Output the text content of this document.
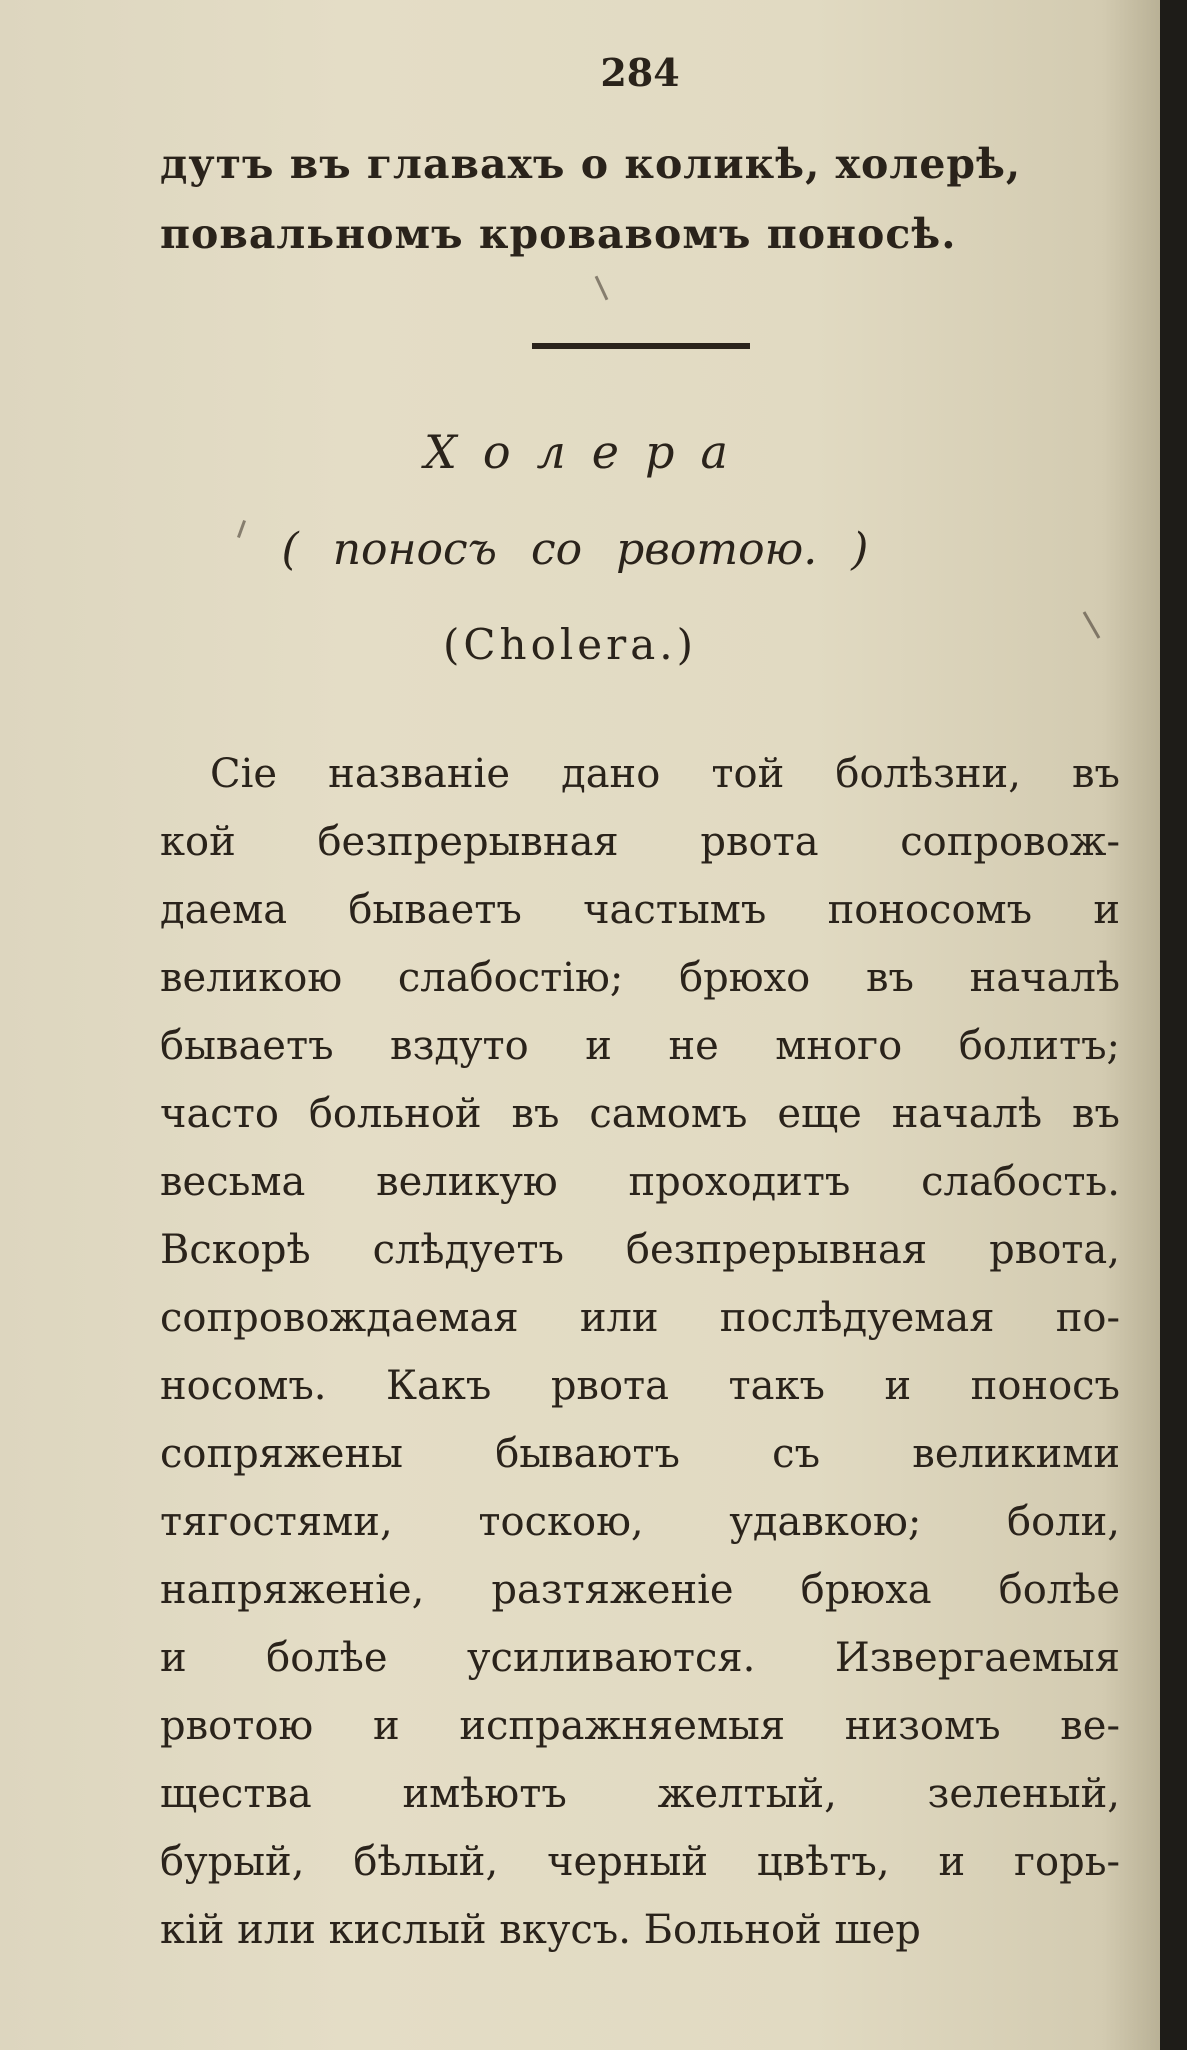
284
дутъ въ главахъ о коликѣ, холерѣ,
повальномъ кровавомъ поносѣ.
Холера
( поносъ со рвотою. )
(Cholera.)
Сіе названіе дано той болѣзни, въ
кой безпрерывная рвота сопровож-
даема бываетъ частымъ поносомъ и
великою слабостію; брюхо въ началѣ
бываетъ вздуто и не много болитъ;
часто больной въ самомъ еще началѣ въ
весьма великую проходитъ слабость.
Вскорѣ слѣдуетъ безпрерывная рвота,
сопровождаемая или послѣдуемая по-
носомъ. Какъ рвота такъ и поносъ
сопряжены бываютъ съ великими
тягостями, тоскою, удавкою; боли,
напряженіе, разтяженіе брюха болѣе
и болѣе усиливаются. Извергаемыя
рвотою и испражняемыя низомъ ве-
щества имѣютъ желтый, зеленый,
бурый, бѣлый, черный цвѣтъ, и горь-
кій или кислый вкусъ. Больной шер
